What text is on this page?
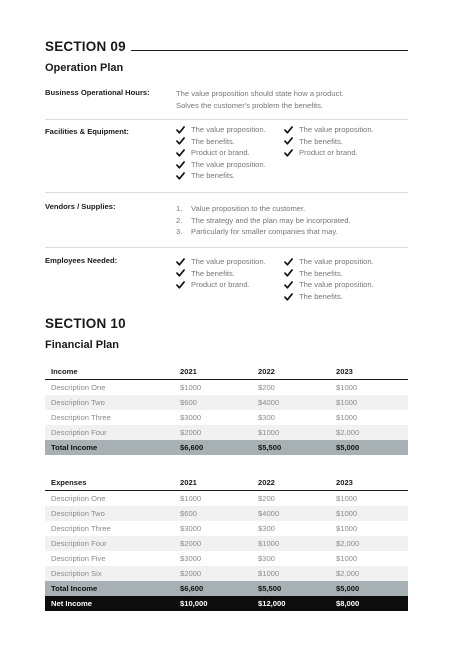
SECTION 09
Operation Plan
Business Operational Hours:	The value proposition should state how a product.
Solves the customer's problem the benefits.
Facilities & Equipment:	The value proposition.
The benefits.
Product or brand.
The value proposition.
The benefits.
The value proposition.
The benefits.
Product or brand.
Vendors / Supplies:	1.	Value proposition to the customer.
2.	The strategy and the plan may be incorporated.
3.	Particularly for smaller companies that may.
Employees Needed:	The value proposition.
The benefits.
Product or brand.
The value proposition.
The benefits.
The value proposition.
The benefits.
SECTION 10
Financial Plan
Income	2021	2022	2023
Description One	$1000	$200	$1000
Description Two	$600	$4000	$1000
Description Three	$3000	$300	$1000
Description Four	$2000	$1000	$2,000
Total Income	$6,600	$5,500	$5,000
Expenses	2021	2022	2023
Description One	$1000	$200	$1000
Description Two	$600	$4000	$1000
Description Three	$3000	$300	$1000
Description Four	$2000	$1000	$2,000
Description Five	$3000	$300	$1000
Description Six	$2000	$1000	$2,000
Total Income	$6,600	$5,500	$5,000
Net Income	$10,000	$12,000	$8,000
